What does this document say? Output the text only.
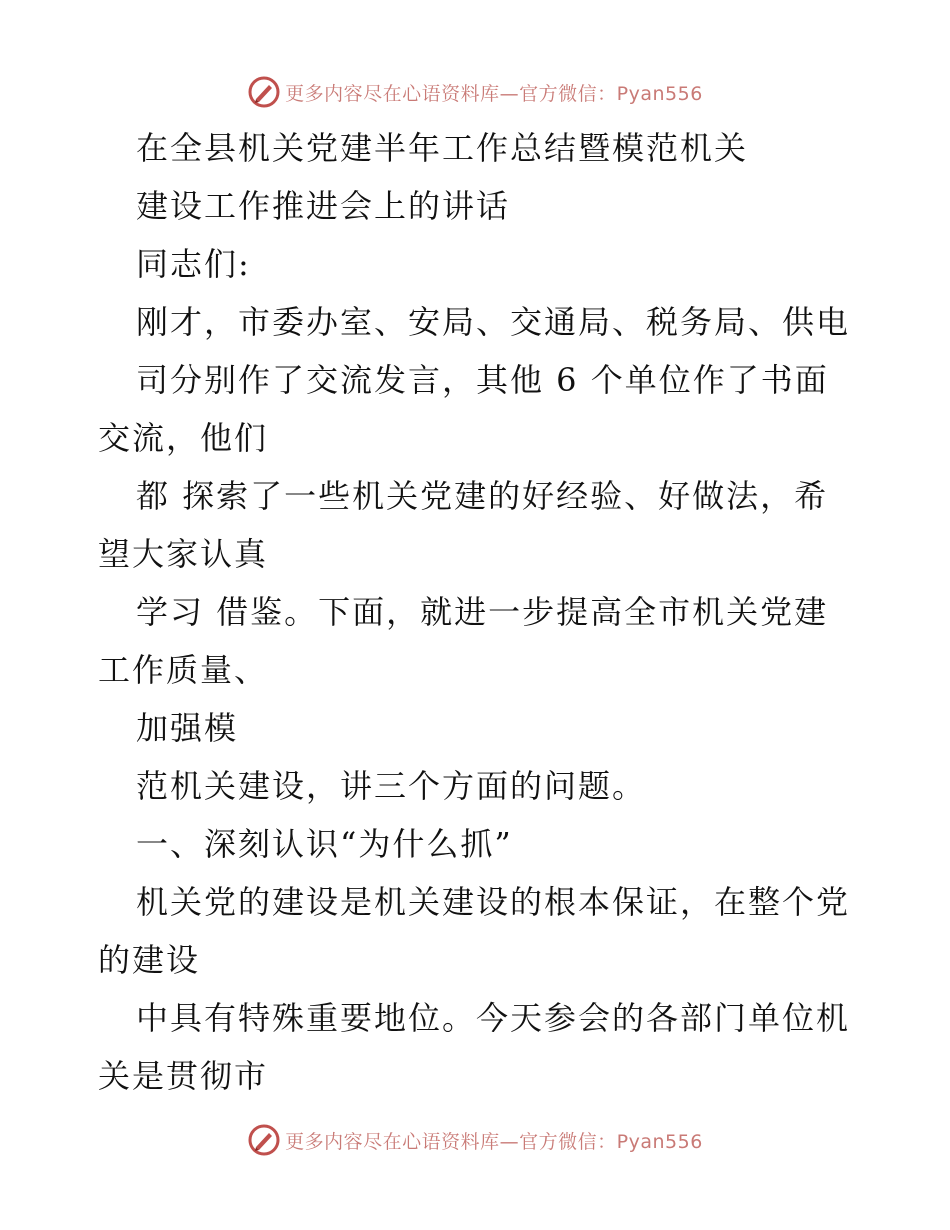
更多内容尽在心语资料库—官方微信：Pyan556
在全县机关党建半年工作总结暨模范机关
建设工作推进会上的讲话
同志们:
刚才，市委办室、安局、交通局、税务局、供电
司分别作了交流发言，其他 6 个单位作了书面
交流，他们
都 探索了一些机关党建的好经验、好做法，希
望大家认真
学习 借鉴。下面，就进一步提高全市机关党建
工作质量、
加强模
范机关建设，讲三个方面的问题。
一、深刻认识“为什么抓”
机关党的建设是机关建设的根本保证，在整个党
的建设
中具有特殊重要地位。今天参会的各部门单位机
关是贯彻市
更多内容尽在心语资料库—官方微信：Pyan556
